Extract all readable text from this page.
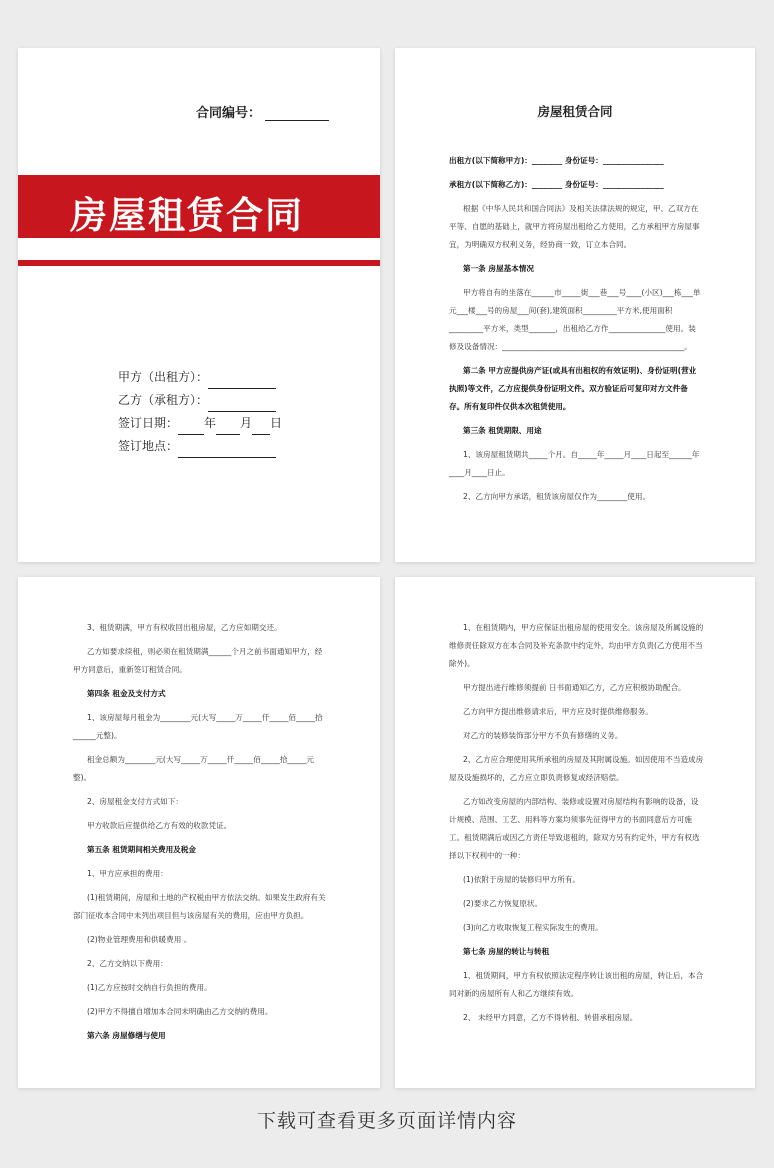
合同编号：
房屋租赁合同
甲方（出租方）：
乙方（承租方）：
签订日期： 年 月 日
签订地点：
房屋租赁合同

出租方(以下简称甲方)：________ 身份证号：________________

承租方(以下简称乙方)：________ 身份证号：________________

根据《中华人民共和国合同法》及相关法律法规的规定，甲、乙双方在平等、自愿的基础上，就甲方将房屋出租给乙方使用，乙方承租甲方房屋事宜，为明确双方权利义务，经协商一致，订立本合同。

第一条 房屋基本情况

甲方将自有的坐落在______市_____街___巷___号____(小区)___栋___单元___楼___号的房屋___间(套),建筑面积_________平方米,使用面积_________平方米，类型_______，出租给乙方作_______________使用。装修及设备情况：________________________________________________。

第二条 甲方应提供房产证(或具有出租权的有效证明)、身份证明(营业执照)等文件，乙方应提供身份证明文件。双方验证后可复印对方文件备存。所有复印件仅供本次租赁使用。

第三条 租赁期限、用途

1、该房屋租赁期共_____个月。自_____年_____月____日起至______年____月____日止。

2、乙方向甲方承诺，租赁该房屋仅作为________使用。

3、租赁期满，甲方有权收回出租房屋，乙方应如期交还。

乙方如要求续租，则必须在租赁期满______个月之前书面通知甲方，经甲方同意后，重新签订租赁合同。

第四条 租金及支付方式

1、该房屋每月租金为________元(大写_____万_____仟_____佰_____拾______元整)。

租金总额为________元(大写_____万_____仟_____佰_____拾_____元整)。

2、房屋租金支付方式如下：

甲方收款后应提供给乙方有效的收款凭证。

第五条 租赁期间相关费用及税金

1、甲方应承担的费用：

(1)租赁期间，房屋和土地的产权税由甲方依法交纳。如果发生政府有关部门征收本合同中未列出项目但与该房屋有关的费用，应由甲方负担。

(2)物业管理费用和供暖费用 。

2、乙方交纳以下费用：

(1)乙方应按时交纳自行负担的费用。

(2)甲方不得擅自增加本合同未明确由乙方交纳的费用。

第六条 房屋修缮与使用

1、在租赁期内，甲方应保证出租房屋的使用安全。该房屋及所属设施的维修责任除双方在本合同及补充条款中约定外，均由甲方负责(乙方使用不当除外)。

甲方提出进行维修须提前 日书面通知乙方，乙方应积极协助配合。

乙方向甲方提出维修请求后，甲方应及时提供维修服务。

对乙方的装修装饰部分甲方不负有修缮的义务。

2、乙方应合理使用其所承租的房屋及其附属设施。如因使用不当造成房屋及设施损坏的，乙方应立即负责修复或经济赔偿。

乙方如改变房屋的内部结构、装修或设置对房屋结构有影响的设备，设计规模、范围、工艺、用料等方案均须事先征得甲方的书面同意后方可施工。租赁期满后或因乙方责任导致退租的，除双方另有约定外，甲方有权选择以下权利中的一种：

(1)依附于房屋的装修归甲方所有。

(2)要求乙方恢复原状。

(3)向乙方收取恢复工程实际发生的费用。

第七条 房屋的转让与转租

1、租赁期间，甲方有权依照法定程序转让该出租的房屋，转让后，本合同对新的房屋所有人和乙方继续有效。

2、 未经甲方同意，乙方不得转租、转借承租房屋。

下载可查看更多页面详情内容
